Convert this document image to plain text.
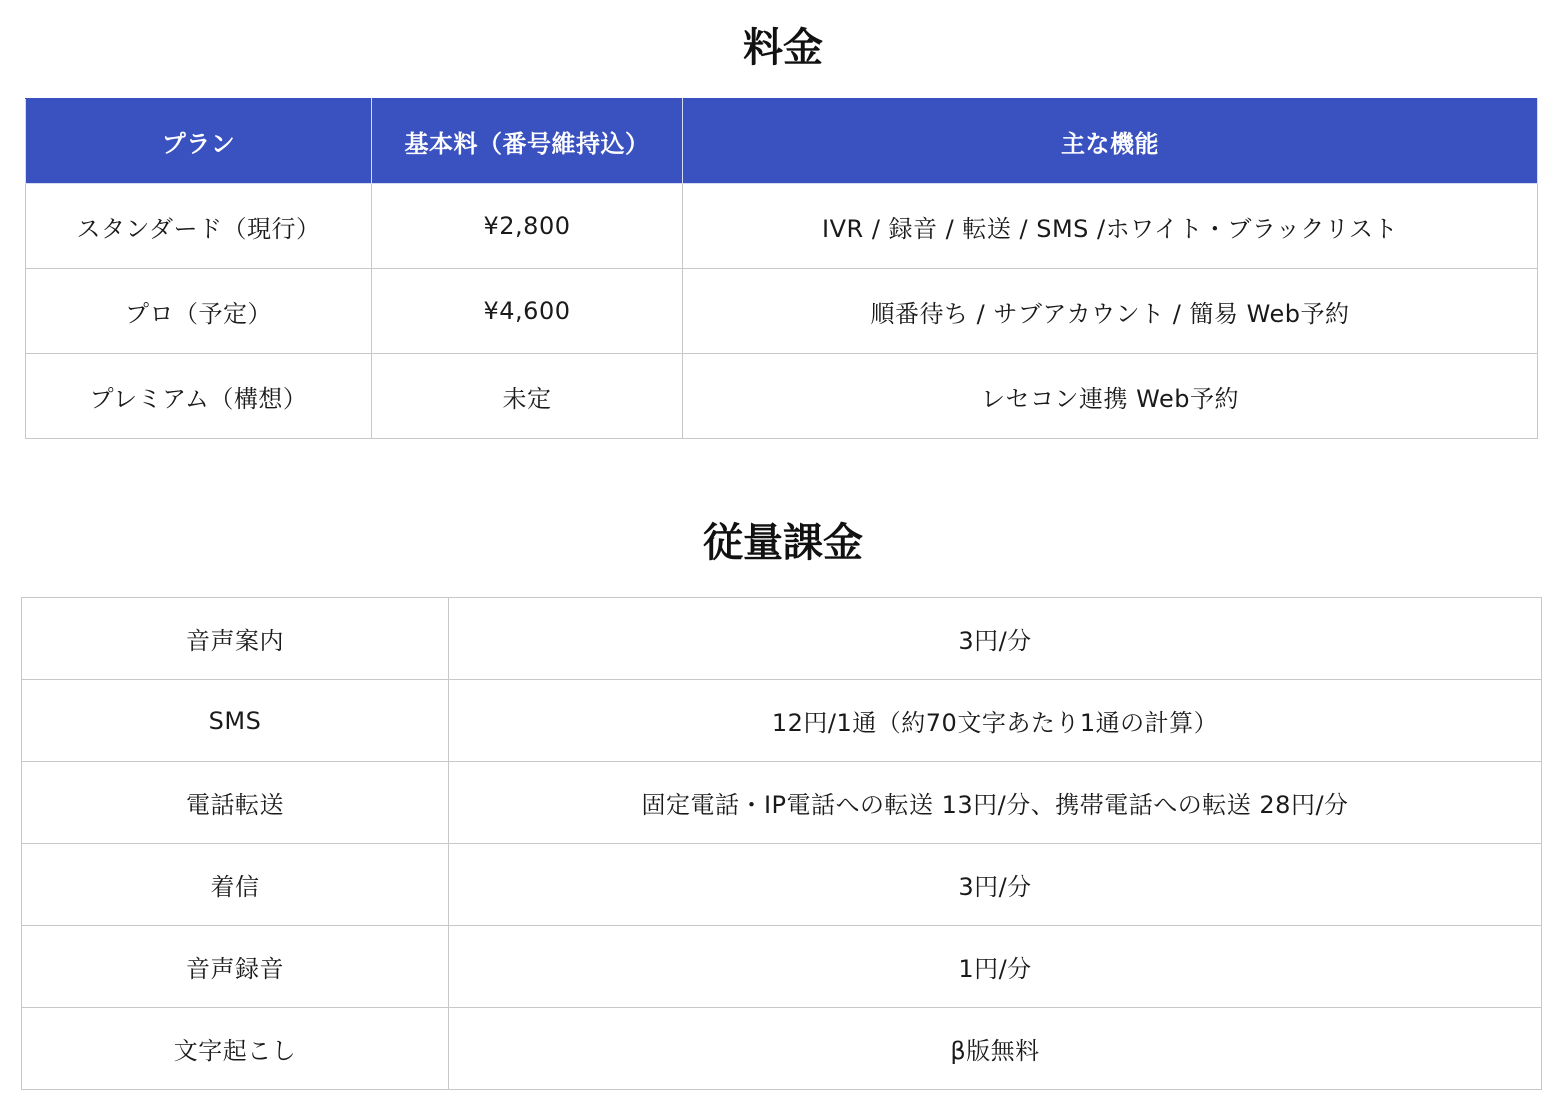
料金
プラン	基本料（番号維持込）	主な機能
スタンダード（現行）	¥2,800	IVR / 録音 / 転送 / SMS /ホワイト・ブラックリスト
プロ（予定）	¥4,600	順番待ち / サブアカウント / 簡易 Web予約
プレミアム（構想）	未定	レセコン連携 Web予約
従量課金
音声案内	3円/分
SMS	12円/1通（約70文字あたり1通の計算）
電話転送	固定電話・IP電話への転送 13円/分、携帯電話への転送 28円/分
着信	3円/分
音声録音	1円/分
文字起こし	β版無料
